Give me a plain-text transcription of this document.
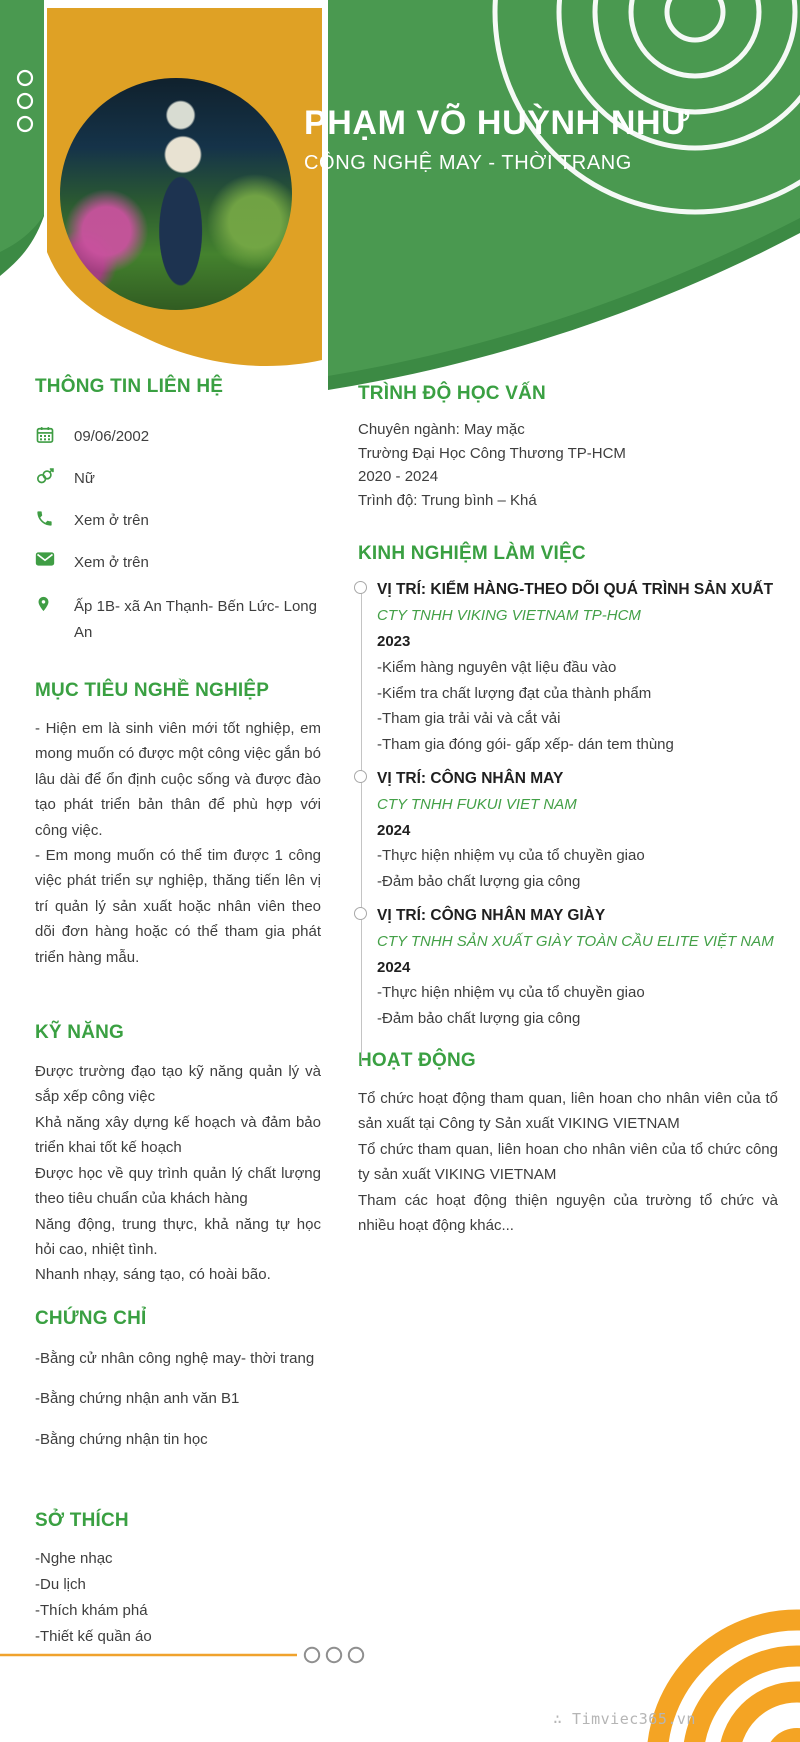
PHẠM VÕ HUỲNH NHƯ
CÔNG NGHỆ MAY - THỜI TRANG
THÔNG TIN LIÊN HỆ
09/06/2002
Nữ
Xem ở trên
Xem ở trên
Ấp 1B- xã An Thạnh- Bến Lức- Long An
MỤC TIÊU NGHỀ NGHIỆP

- Hiện em là sinh viên mới tốt nghiệp, em mong muốn có được một công việc gắn bó lâu dài để ổn định cuộc sống và được đào tạo phát triển bản thân để phù hợp với công việc.

- Em mong muốn có thể tim được 1 công việc phát triển sự nghiệp, thăng tiến lên vị trí quản lý sản xuất hoặc nhân viên theo dõi đơn hàng hoặc có thể tham gia phát triển hàng mẫu.

KỸ NĂNG

Được trường đạo tạo kỹ năng quản lý và sắp xếp công việc

Khả năng xây dựng kế hoạch và đảm bảo triển khai tốt kế hoạch

Được học về quy trình quản lý chất lượng theo tiêu chuẩn của khách hàng

Năng động, trung thực, khả năng tự học hỏi cao, nhiệt tình.

Nhanh nhạy, sáng tạo, có hoài bão.

CHỨNG CHỈ
-Bằng cử nhân công nghệ may- thời trang
-Bằng chứng nhận anh văn B1
-Bằng chứng nhận tin học
SỞ THÍCH
-Nghe nhạc
-Du lịch
-Thích khám phá
-Thiết kế quần áo
TRÌNH ĐỘ HỌC VẤN
Chuyên ngành: May mặc
Trường Đại Học Công Thương TP-HCM
2020 - 2024
Trình độ: Trung bình – Khá
KINH NGHIỆM LÀM VIỆC
VỊ TRÍ: KIỂM HÀNG-THEO DÕI QUÁ TRÌNH SẢN XUẤT
CTY TNHH VIKING VIETNAM TP-HCM
2023
-Kiểm hàng nguyên vật liệu đầu vào
-Kiểm tra chất lượng đạt của thành phẩm
-Tham gia trải vải và cắt vải
-Tham gia đóng gói- gấp xếp- dán tem thùng
VỊ TRÍ: CÔNG NHÂN MAY
CTY TNHH FUKUI VIET NAM
2024
-Thực hiện nhiệm vụ của tổ chuyền giao
-Đảm bảo chất lượng gia công
VỊ TRÍ: CÔNG NHÂN MAY GIÀY
CTY TNHH SẢN XUẤT GIÀY TOÀN CẦU ELITE VIỆT NAM
2024
-Thực hiện nhiệm vụ của tổ chuyền giao
-Đảm bảo chất lượng gia công
HOẠT ĐỘNG

Tổ chức hoạt động tham quan, liên hoan cho nhân viên của tổ sản xuất tại Công ty Sản xuất VIKING VIETNAM

Tổ chức tham quan, liên hoan cho nhân viên của tổ chức công ty sản xuất VIKING VIETNAM

Tham các hoạt động thiện nguyện của trường tổ chức và nhiều hoạt động khác...

∴ Timviec365.vn
